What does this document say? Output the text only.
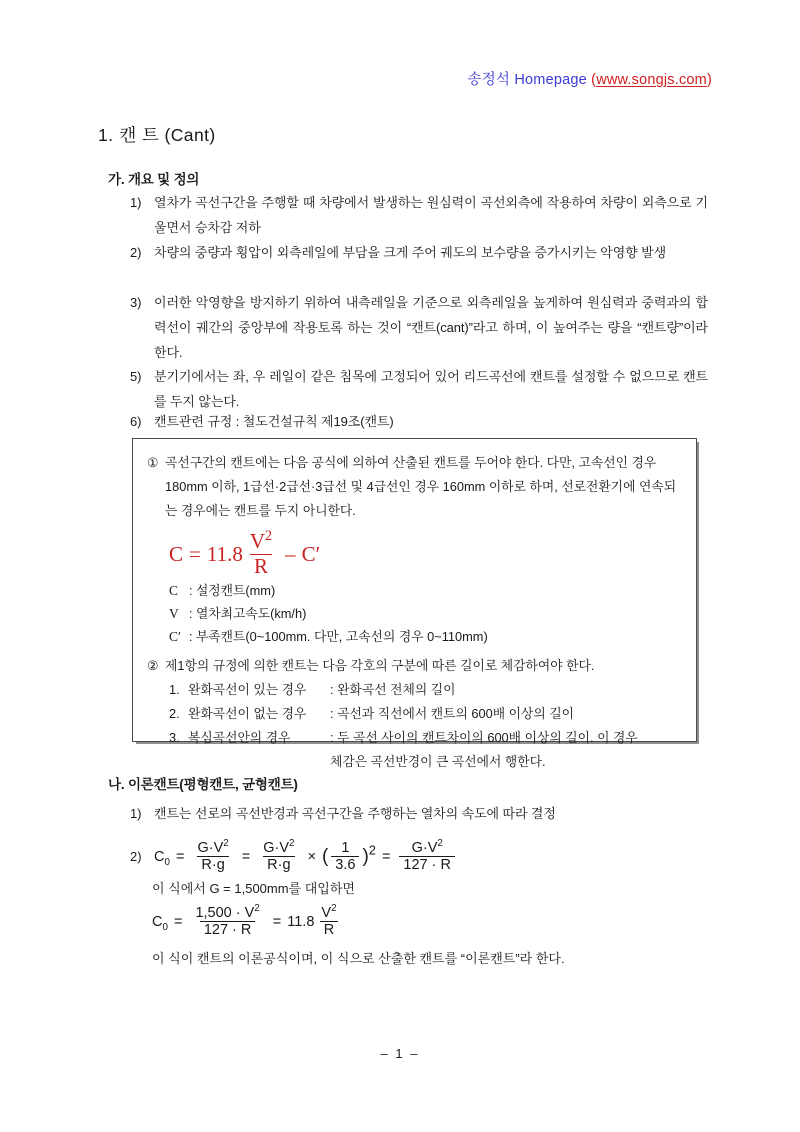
송정석 Homepage (www.songjs.com)
1. 캔 트 (Cant)
가. 개요 및 정의
1) 열차가 곡선구간을 주행할 때 차량에서 발생하는 원심력이 곡선외측에 작용하여 차량이 외측으로 기울면서 승차감 저하
2) 차량의 중량과 횡압이 외측레일에 부담을 크게 주어 궤도의 보수량을 증가시키는 악영향 발생
3) 이러한 악영향을 방지하기 위하여 내측레일을 기준으로 외측레일을 높게하여 원심력과 중력과의 합력선이 궤간의 중앙부에 작용토록 하는 것이 “캔트(cant)”라고 하며, 이 높여주는 량을 “캔트량”이라 한다.
5) 분기기에서는 좌, 우 레일이 같은 침목에 고정되어 있어 리드곡선에 캔트를 설정할 수 없으므로 캔트를 두지 않는다.
6) 캔트관련 규정 : 철도건설규칙 제19조(캔트)
① 곡선구간의 캔트에는 다음 공식에 의하여 산출된 캔트를 두어야 한다. 다만, 고속선인 경우 180mm 이하, 1급선·2급선·3급선 및 4급선인 경우 160mm 이하로 하며, 선로전환기에 연속되는 경우에는 캔트를 두지 아니한다.
$C = 11.8 \frac{V^2}{R} - C'$
C : 설정캔트(mm)
V : 열차최고속도(km/h)
C′ : 부족캔트(0~100mm. 다만, 고속선의 경우 0~110mm)
② 제1항의 규정에 의한 캔트는 다음 각호의 구분에 따른 길이로 체감하여야 한다.
1. 완화곡선이 있는 경우 : 완화곡선 전체의 길이
2. 완화곡선이 없는 경우 : 곡선과 직선에서 캔트의 600배 이상의 길이
3. 복심곡선안의 경우	: 두 곡선 사이의 캔트차이의 600배 이상의 길이. 이 경우
체감은 곡선반경이 큰 곡선에서 행한다.
나. 이론캔트(평형캔트, 균형캔트)
1) 캔트는 선로의 곡선반경과 곡선구간을 주행하는 열차의 속도에 따라 결정
2) $C_0 = \frac{G\cdot V^2}{R\cdot g} = \frac{G\cdot V^2}{R\cdot g}$ × ( $\frac{1}{3.6} )^2 = \frac{G\cdot V^2}{127 \cdot R}$
이 식에서 G = 1,500mm를 대입하면
$C_0 = \frac{1,500 \cdot V^2}{127 \cdot R} = 11.8 \frac{V^2}{R}$
이 식이 캔트의 이론공식이며, 이 식으로 산출한 캔트를 “이론캔트”라 한다.
– 1 –
